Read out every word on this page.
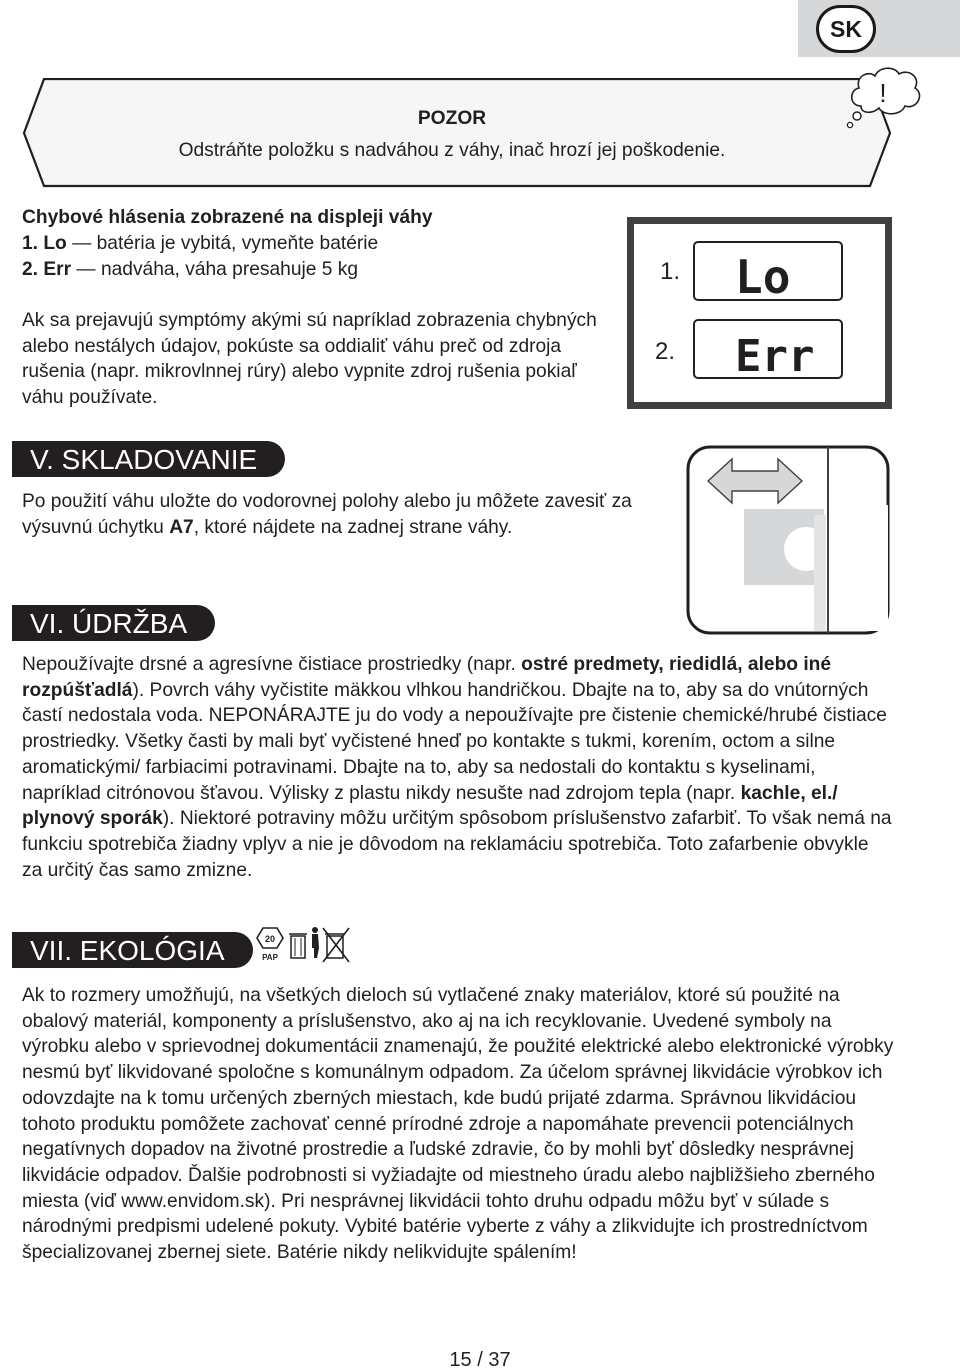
SK
!
POZOR
Odstráňte položku s nadváhou z váhy, inač hrozí jej poškodenie.
Chybové hlásenia zobrazené na displeji váhy
1. Lo — batéria je vybitá, vymeňte batérie
2. Err — nadváha, váha presahuje 5 kg

Ak sa prejavujú symptómy akými sú napríklad zobrazenia chybných alebo nestálych údajov, pokúste sa oddialiť váhu preč od zdroja rušenia (napr. mikrovlnnej rúry) alebo vypnite zdroj rušenia pokiaľ váhu používate.

1.
2.
Lo
Err
V. SKLADOVANIE

Po použití váhu uložte do vodorovnej polohy alebo ju môžete zavesiť za výsuvnú úchytku A7, ktoré nájdete na zadnej strane váhy.

VI. ÚDRŽBA

Nepoužívajte drsné a agresívne čistiace prostriedky (napr. ostré predmety, riedidlá, alebo iné rozpúšťadlá). Povrch váhy vyčistite mäkkou vlhkou handričkou. Dbajte na to, aby sa do vnútorných častí nedostala voda. NEPONÁRAJTE ju do vody a nepoužívajte pre čistenie chemické/hrubé čistiace prostriedky. Všetky časti by mali byť vyčistené hneď po kontakte s tukmi, korením, octom a silne aromatickými/ farbiacimi potravinami. Dbajte na to, aby sa nedostali do kontaktu s kyselinami, napríklad citrónovou šťavou. Výlisky z plastu nikdy nesušte nad zdrojom tepla (napr. kachle, el./ plynový sporák). Niektoré potraviny môžu určitým spôsobom príslušenstvo zafarbiť. To však nemá na funkciu spotrebiča žiadny vplyv a nie je dôvodom na reklamáciu spotrebiča. Toto zafarbenie obvykle za určitý čas samo zmizne.

VII. EKOLÓGIA	20
PAP

Ak to rozmery umožňujú, na všetkých dieloch sú vytlačené znaky materiálov, ktoré sú použité na obalový materiál, komponenty a príslušenstvo, ako aj na ich recyklovanie. Uvedené symboly na výrobku alebo v sprievodnej dokumentácii znamenajú, že použité elektrické alebo elektronické výrobky nesmú byť likvidované spoločne s komunálnym odpadom. Za účelom správnej likvidácie výrobkov ich odovzdajte na k tomu určených zberných miestach, kde budú prijaté zdarma. Správnou likvidáciou tohoto produktu pomôžete zachovať cenné prírodné zdroje a napomáhate prevencii potenciálnych negatívnych dopadov na životné prostredie a ľudské zdravie, čo by mohli byť dôsledky nesprávnej likvidácie odpadov. Ďalšie podrobnosti si vyžiadajte od miestneho úradu alebo najbližšieho zberného miesta (viď www.envidom.sk). Pri nesprávnej likvidácii tohto druhu odpadu môžu byť v súlade s národnými predpismi udelené pokuty. Vybité batérie vyberte z váhy a zlikvidujte ich prostredníctvom špecializovanej zbernej siete. Batérie nikdy nelikvidujte spálením!

15 / 37
